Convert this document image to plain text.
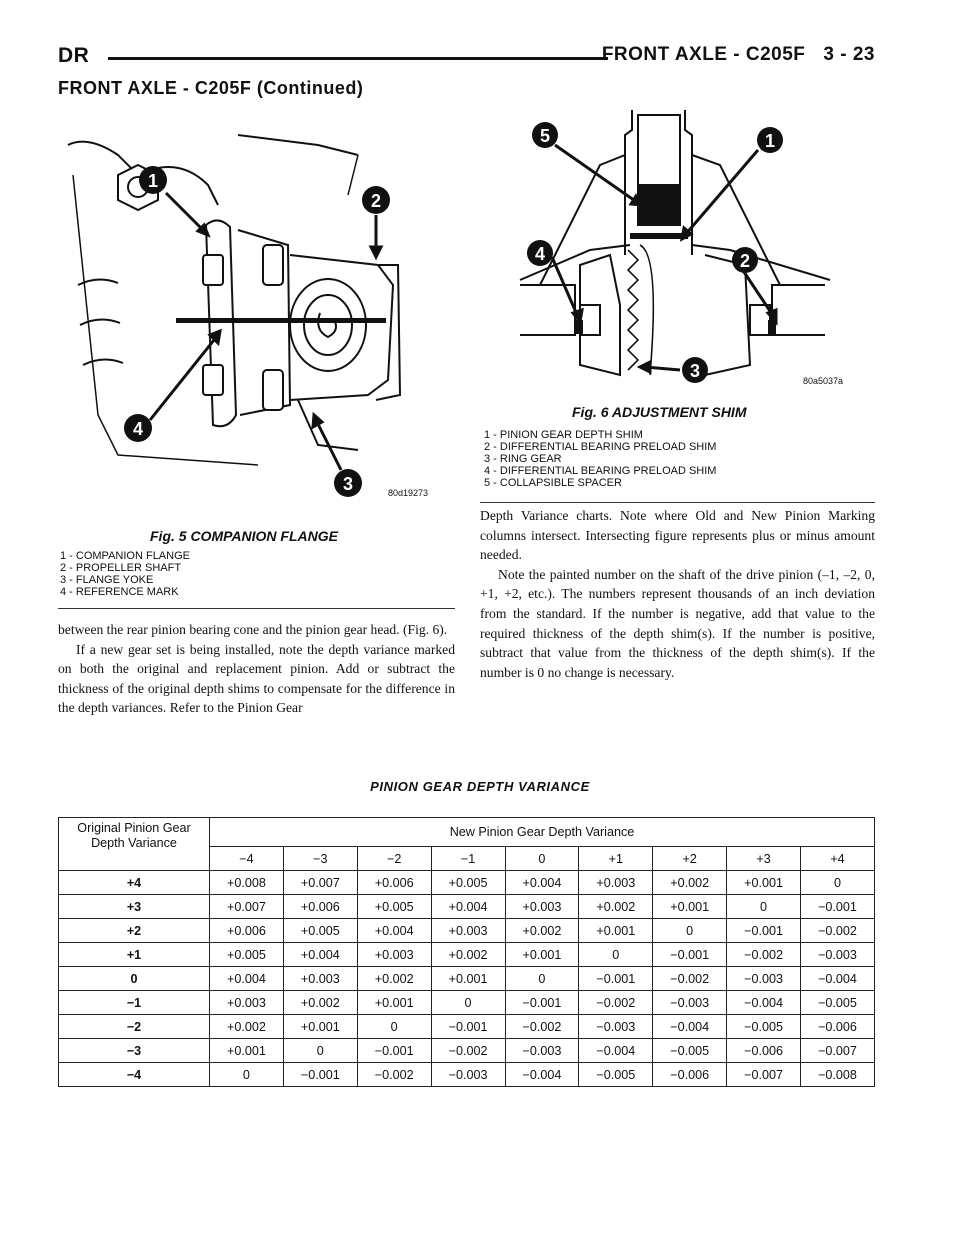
DR	FRONT AXLE - C205F 3 - 23
FRONT AXLE - C205F (Continued)
1
2
3
4
80d19273
Fig. 5 COMPANION FLANGE
1 - COMPANION FLANGE
2 - PROPELLER SHAFT
3 - FLANGE YOKE
4 - REFERENCE MARK
5	1
4	2
3	80a5037a
Fig. 6 ADJUSTMENT SHIM
1 - PINION GEAR DEPTH SHIM
2 - DIFFERENTIAL BEARING PRELOAD SHIM
3 - RING GEAR
4 - DIFFERENTIAL BEARING PRELOAD SHIM
5 - COLLAPSIBLE SPACER

between the rear pinion bearing cone and the pinion gear head. (Fig. 6).

If a new gear set is being installed, note the depth variance marked on both the original and replacement pinion. Add or subtract the thickness of the original depth shims to compensate for the difference in the depth variances. Refer to the Pinion Gear

Depth Variance charts. Note where Old and New Pinion Marking columns intersect. Intersecting figure represents plus or minus amount needed.

Note the painted number on the shaft of the drive pinion (–1, –2, 0, +1, +2, etc.). The numbers represent thousands of an inch deviation from the standard. If the number is negative, add that value to the required thickness of the depth shim(s). If the number is positive, subtract that value from the thickness of the depth shim(s). If the number is 0 no change is necessary.

PINION GEAR DEPTH VARIANCE
Original Pinion Gear Depth Variance	New Pinion Gear Depth Variance								
	−4	−3	−2	−1	0	+1	+2	+3	+4
+4	+0.008	+0.007	+0.006	+0.005	+0.004	+0.003	+0.002	+0.001	0
+3	+0.007	+0.006	+0.005	+0.004	+0.003	+0.002	+0.001	0	−0.001
+2	+0.006	+0.005	+0.004	+0.003	+0.002	+0.001	0	−0.001	−0.002
+1	+0.005	+0.004	+0.003	+0.002	+0.001	0	−0.001	−0.002	−0.003
0	+0.004	+0.003	+0.002	+0.001	0	−0.001	−0.002	−0.003	−0.004
−1	+0.003	+0.002	+0.001	0	−0.001	−0.002	−0.003	−0.004	−0.005
−2	+0.002	+0.001	0	−0.001	−0.002	−0.003	−0.004	−0.005	−0.006
−3	+0.001	0	−0.001	−0.002	−0.003	−0.004	−0.005	−0.006	−0.007
−4	0	−0.001	−0.002	−0.003	−0.004	−0.005	−0.006	−0.007	−0.008
